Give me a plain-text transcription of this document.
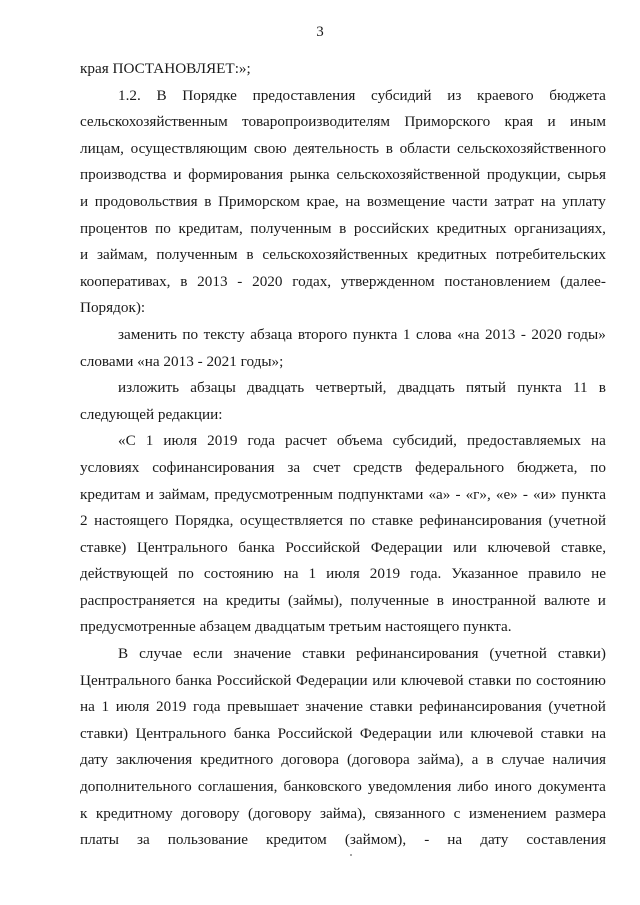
3
края ПОСТАНОВЛЯЕТ:»;
1.2. В Порядке предоставления субсидий из краевого бюджета
сельскохозяйственным товаропроизводителям Приморского края и иным
лицам, осуществляющим свою деятельность в области сельскохозяйственного
производства и формирования рынка сельскохозяйственной продукции, сырья
и продовольствия в Приморском крае, на возмещение части затрат на уплату
процентов по кредитам, полученным в российских кредитных организациях,
и займам, полученным в сельскохозяйственных кредитных потребительских
кооперативах, в 2013 - 2020 годах, утвержденном постановлением (далее-
Порядок):
заменить по тексту абзаца второго пункта 1 слова «на 2013 - 2020 годы»
словами «на 2013 - 2021 годы»;
изложить абзацы двадцать четвертый, двадцать пятый пункта 11 в
следующей редакции:
«С 1 июля 2019 года расчет объема субсидий, предоставляемых на
условиях софинансирования за счет средств федерального бюджета, по
кредитам и займам, предусмотренным подпунктами «а» - «г», «е» - «и» пункта
2 настоящего Порядка, осуществляется по ставке рефинансирования (учетной
ставке) Центрального банка Российской Федерации или ключевой ставке,
действующей по состоянию на 1 июля 2019 года. Указанное правило не
распространяется на кредиты (займы), полученные в иностранной валюте и
предусмотренные абзацем двадцатым третьим настоящего пункта.
В случае если значение ставки рефинансирования (учетной ставки)
Центрального банка Российской Федерации или ключевой ставки по состоянию
на 1 июля 2019 года превышает значение ставки рефинансирования (учетной
ставки) Центрального банка Российской Федерации или ключевой ставки на
дату заключения кредитного договора (договора займа), а в случае наличия
дополнительного соглашения, банковского уведомления либо иного документа
к кредитному договору (договору займа), связанного с изменением размера
платы за пользование кредитом (займом), - на дату составления
